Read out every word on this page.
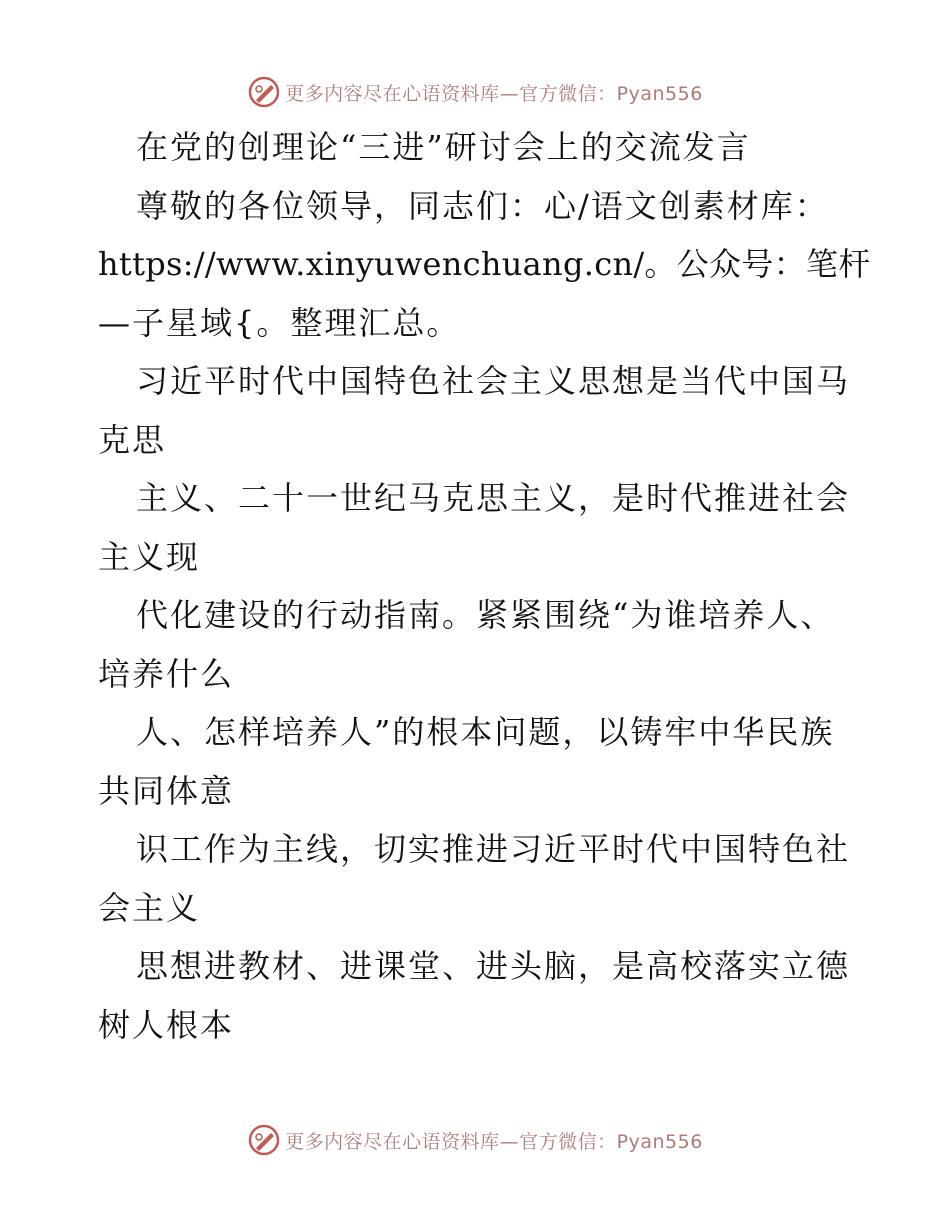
更多内容尽在心语资料库—官方微信：Pyan556
在党的创理论“三进”研讨会上的交流发言
尊敬的各位领导，同志们：心/语文创素材库：
https://www.xinyuwenchuang.cn/。公众号：笔杆
—子星域{。整理汇总。
习近平时代中国特色社会主义思想是当代中国马
克思
主义、二十一世纪马克思主义，是时代推进社会
主义现
代化建设的行动指南。紧紧围绕“为谁培养人、
培养什么
人、怎样培养人”的根本问题，以铸牢中华民族
共同体意
识工作为主线，切实推进习近平时代中国特色社
会主义
思想进教材、进课堂、进头脑，是高校落实立德
树人根本
更多内容尽在心语资料库—官方微信：Pyan556
